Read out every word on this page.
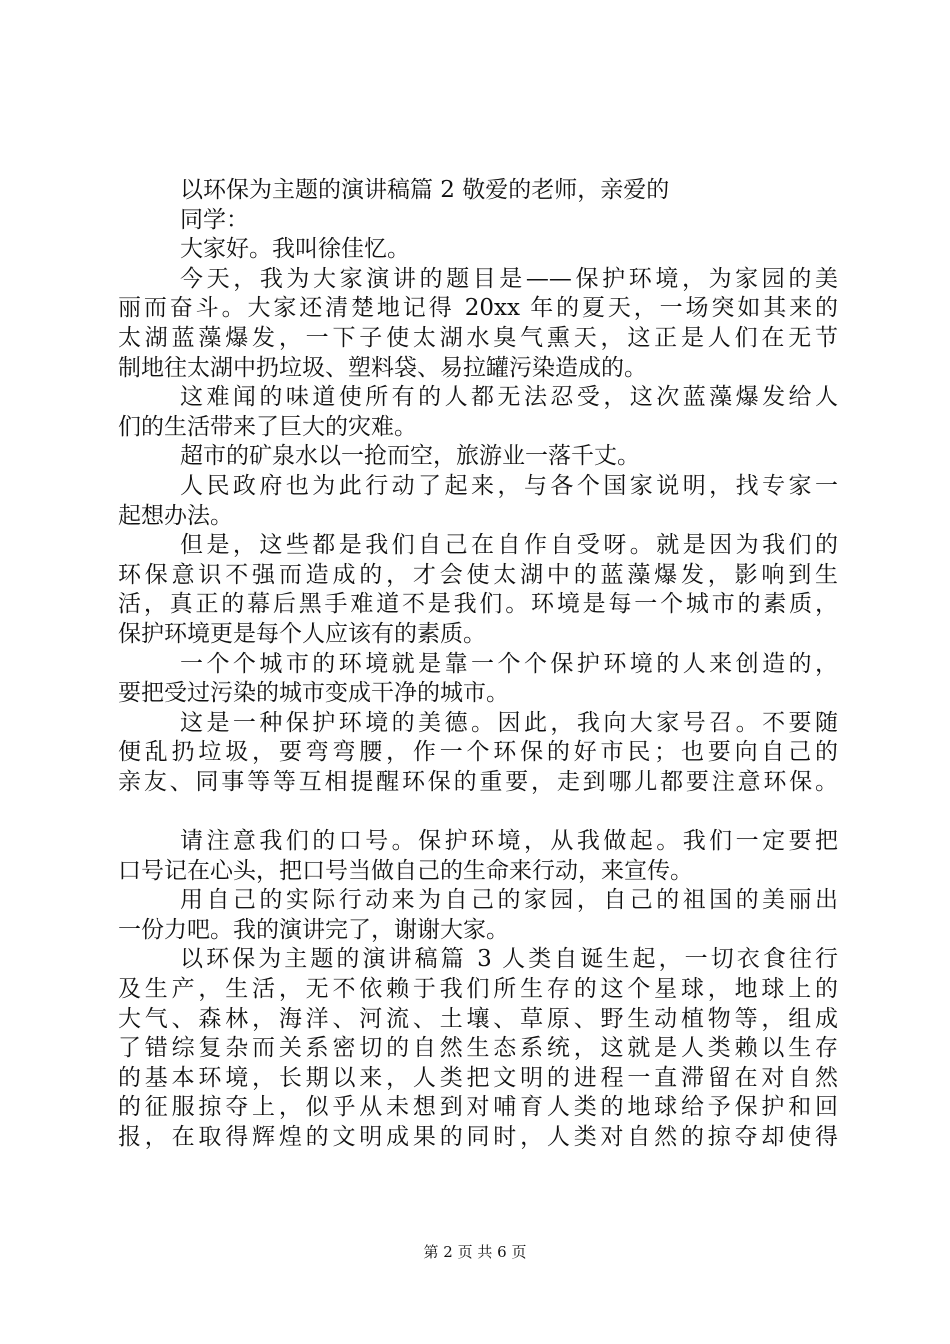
以环保为主题的演讲稿篇 2 敬爱的老师，亲爱的
同学：
大家好。我叫徐佳忆。
今天，我为大家演讲的题目是——保护环境，为家园的美
丽而奋斗。大家还清楚地记得 20xx 年的夏天，一场突如其来的
太湖蓝藻爆发，一下子使太湖水臭气熏天，这正是人们在无节
制地往太湖中扔垃圾、塑料袋、易拉罐污染造成的。
这难闻的味道使所有的人都无法忍受，这次蓝藻爆发给人
们的生活带来了巨大的灾难。
超市的矿泉水以一抢而空，旅游业一落千丈。
人民政府也为此行动了起来，与各个国家说明，找专家一
起想办法。
但是，这些都是我们自己在自作自受呀。就是因为我们的
环保意识不强而造成的，才会使太湖中的蓝藻爆发，影响到生
活，真正的幕后黑手难道不是我们。环境是每一个城市的素质，
保护环境更是每个人应该有的素质。
一个个城市的环境就是靠一个个保护环境的人来创造的，
要把受过污染的城市变成干净的城市。
这是一种保护环境的美德。因此，我向大家号召。不要随
便乱扔垃圾，要弯弯腰，作一个环保的好市民；也要向自己的
亲友、同事等等互相提醒环保的重要，走到哪儿都要注意环保。
请注意我们的口号。保护环境，从我做起。我们一定要把
口号记在心头，把口号当做自己的生命来行动，来宣传。
用自己的实际行动来为自己的家园，自己的祖国的美丽出
一份力吧。我的演讲完了，谢谢大家。
以环保为主题的演讲稿篇 3 人类自诞生起，一切衣食往行
及生产，生活，无不依赖于我们所生存的这个星球，地球上的
大气、森林，海洋、河流、土壤、草原、野生动植物等，组成
了错综复杂而关系密切的自然生态系统，这就是人类赖以生存
的基本环境，长期以来，人类把文明的进程一直滞留在对自然
的征服掠夺上，似乎从未想到对哺育人类的地球给予保护和回
报，在取得辉煌的文明成果的同时，人类对自然的掠夺却使得
第 2 页 共 6 页
